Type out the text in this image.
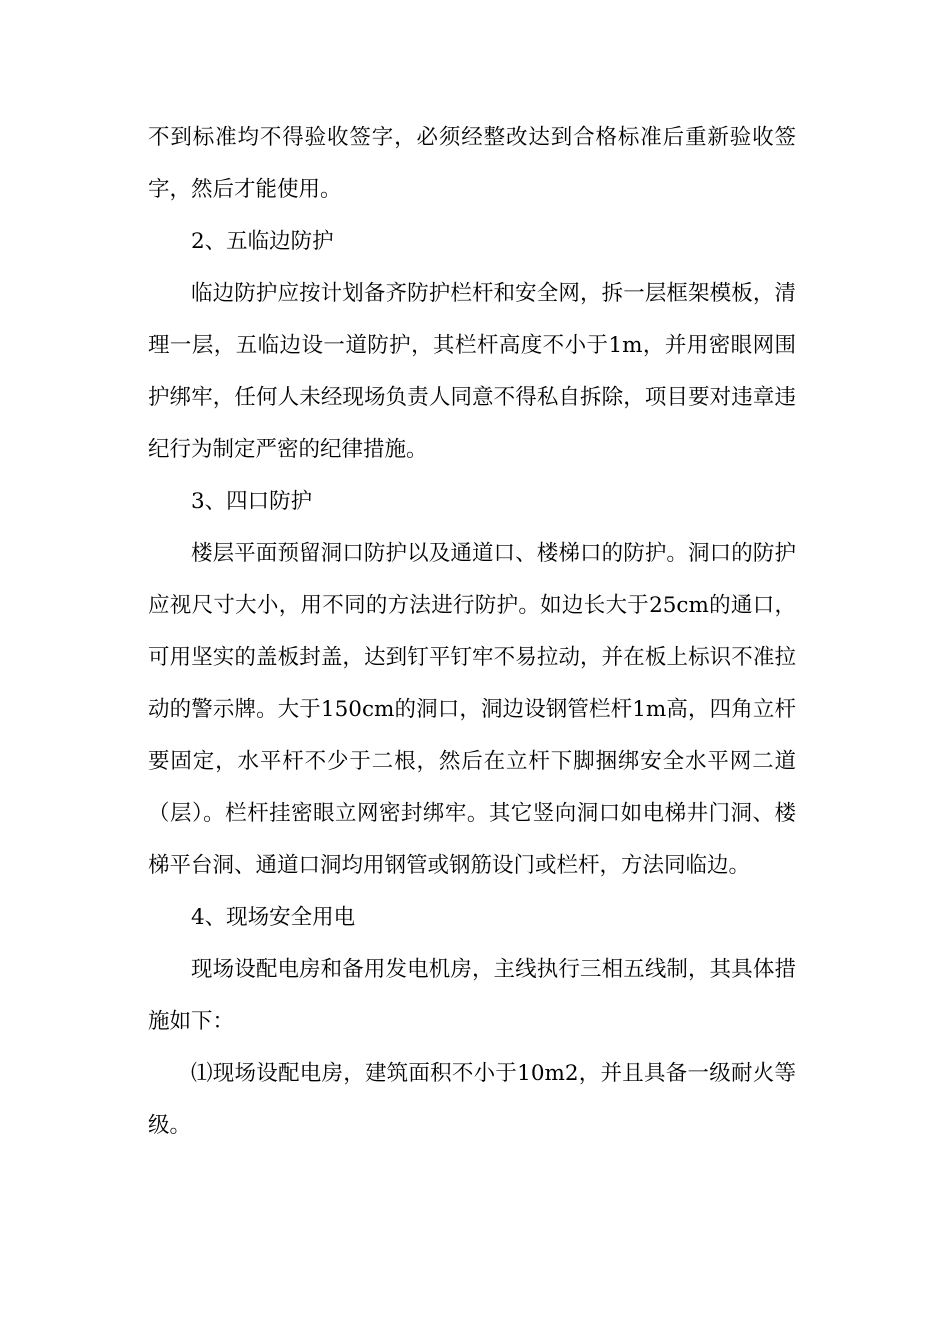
不到标准均不得验收签字，必须经整改达到合格标准后重新验收签字，然后才能使用。

2、五临边防护

临边防护应按计划备齐防护栏杆和安全网，拆一层框架模板，清理一层，五临边设一道防护，其栏杆高度不小于1m，并用密眼网围护绑牢，任何人未经现场负责人同意不得私自拆除，项目要对违章违纪行为制定严密的纪律措施。

3、四口防护

楼层平面预留洞口防护以及通道口、楼梯口的防护。洞口的防护应视尺寸大小，用不同的方法进行防护。如边长大于25cm的通口，可用坚实的盖板封盖，达到钉平钉牢不易拉动，并在板上标识不准拉动的警示牌。大于150cm的洞口，洞边设钢管栏杆1m高，四角立杆要固定，水平杆不少于二根，然后在立杆下脚捆绑安全水平网二道（层）。栏杆挂密眼立网密封绑牢。其它竖向洞口如电梯井门洞、楼梯平台洞、通道口洞均用钢管或钢筋设门或栏杆，方法同临边。

4、现场安全用电

现场设配电房和备用发电机房，主线执行三相五线制，其具体措施如下：

⑴现场设配电房，建筑面积不小于10m2，并且具备一级耐火等级。
